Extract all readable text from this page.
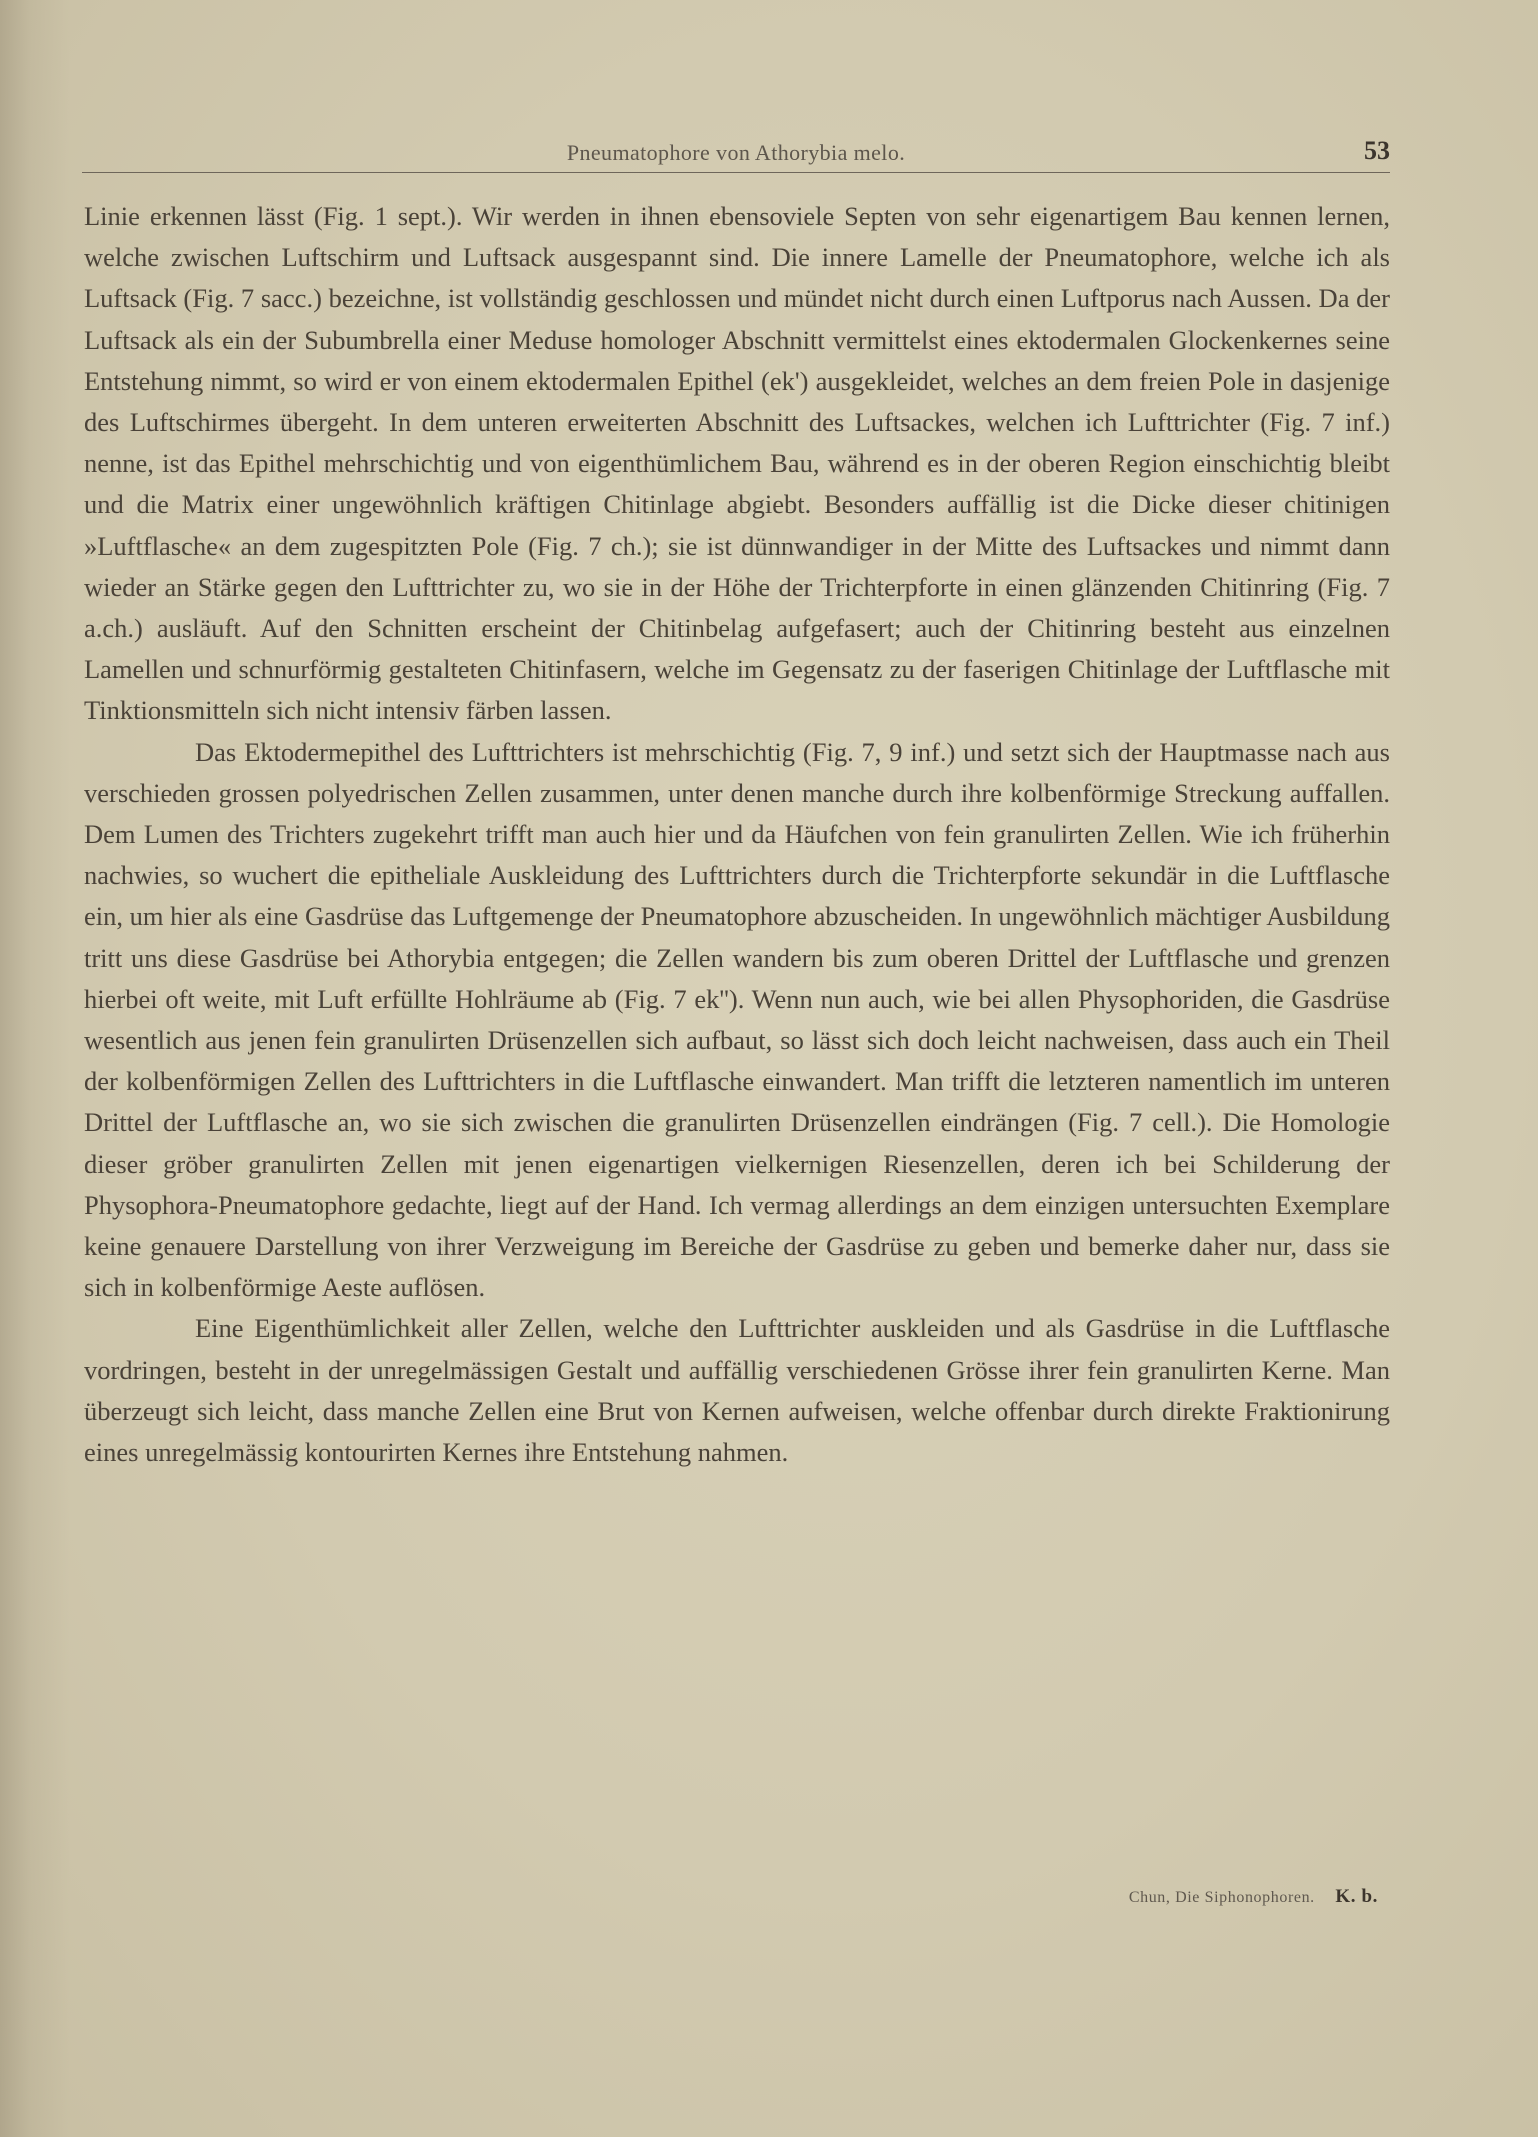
Pneumatophore von Athorybia melo.	53

Linie erkennen lässt (Fig. 1 sept.). Wir werden in ihnen ebensoviele Septen von sehr eigenartigem Bau kennen lernen, welche zwischen Luftschirm und Luftsack ausgespannt sind. Die innere Lamelle der Pneumatophore, welche ich als Luftsack (Fig. 7 sacc.) bezeichne, ist vollständig geschlossen und mündet nicht durch einen Luftporus nach Aussen. Da der Luftsack als ein der Subumbrella einer Meduse homologer Abschnitt vermittelst eines ektodermalen Glockenkernes seine Entstehung nimmt, so wird er von einem ektodermalen Epithel (ek') ausgekleidet, welches an dem freien Pole in dasjenige des Luftschirmes übergeht. In dem unteren erweiterten Abschnitt des Luftsackes, welchen ich Lufttrichter (Fig. 7 inf.) nenne, ist das Epithel mehrschichtig und von eigenthümlichem Bau, während es in der oberen Region einschichtig bleibt und die Matrix einer ungewöhnlich kräftigen Chitinlage abgiebt. Besonders auffällig ist die Dicke dieser chitinigen »Luftflasche« an dem zugespitzten Pole (Fig. 7 ch.); sie ist dünnwandiger in der Mitte des Luftsackes und nimmt dann wieder an Stärke gegen den Lufttrichter zu, wo sie in der Höhe der Trichterpforte in einen glänzenden Chitinring (Fig. 7 a.ch.) ausläuft. Auf den Schnitten erscheint der Chitinbelag aufgefasert; auch der Chitinring besteht aus einzelnen Lamellen und schnurförmig gestalteten Chitinfasern, welche im Gegensatz zu der faserigen Chitinlage der Luftflasche mit Tinktionsmitteln sich nicht intensiv färben lassen.

Das Ektodermepithel des Lufttrichters ist mehrschichtig (Fig. 7, 9 inf.) und setzt sich der Hauptmasse nach aus verschieden grossen polyedrischen Zellen zusammen, unter denen manche durch ihre kolbenförmige Streckung auffallen. Dem Lumen des Trichters zugekehrt trifft man auch hier und da Häufchen von fein granulirten Zellen. Wie ich früherhin nachwies, so wuchert die epitheliale Auskleidung des Lufttrichters durch die Trichterpforte sekundär in die Luftflasche ein, um hier als eine Gasdrüse das Luftgemenge der Pneumatophore abzuscheiden. In ungewöhnlich mächtiger Ausbildung tritt uns diese Gasdrüse bei Athorybia entgegen; die Zellen wandern bis zum oberen Drittel der Luftflasche und grenzen hierbei oft weite, mit Luft erfüllte Hohlräume ab (Fig. 7 ek''). Wenn nun auch, wie bei allen Physophoriden, die Gasdrüse wesentlich aus jenen fein granulirten Drüsenzellen sich aufbaut, so lässt sich doch leicht nachweisen, dass auch ein Theil der kolbenförmigen Zellen des Lufttrichters in die Luftflasche einwandert. Man trifft die letzteren namentlich im unteren Drittel der Luftflasche an, wo sie sich zwischen die granulirten Drüsenzellen eindrängen (Fig. 7 cell.). Die Homologie dieser gröber granulirten Zellen mit jenen eigenartigen vielkernigen Riesenzellen, deren ich bei Schilderung der Physophora-Pneumatophore gedachte, liegt auf der Hand. Ich vermag allerdings an dem einzigen untersuchten Exemplare keine genauere Darstellung von ihrer Verzweigung im Bereiche der Gasdrüse zu geben und bemerke daher nur, dass sie sich in kolbenförmige Aeste auflösen.

Eine Eigenthümlichkeit aller Zellen, welche den Lufttrichter auskleiden und als Gasdrüse in die Luftflasche vordringen, besteht in der unregelmässigen Gestalt und auffällig verschiedenen Grösse ihrer fein granulirten Kerne. Man überzeugt sich leicht, dass manche Zellen eine Brut von Kernen aufweisen, welche offenbar durch direkte Fraktionirung eines unregelmässig kontourirten Kernes ihre Entstehung nahmen.

Chun, Die Siphonophoren. K. b.
